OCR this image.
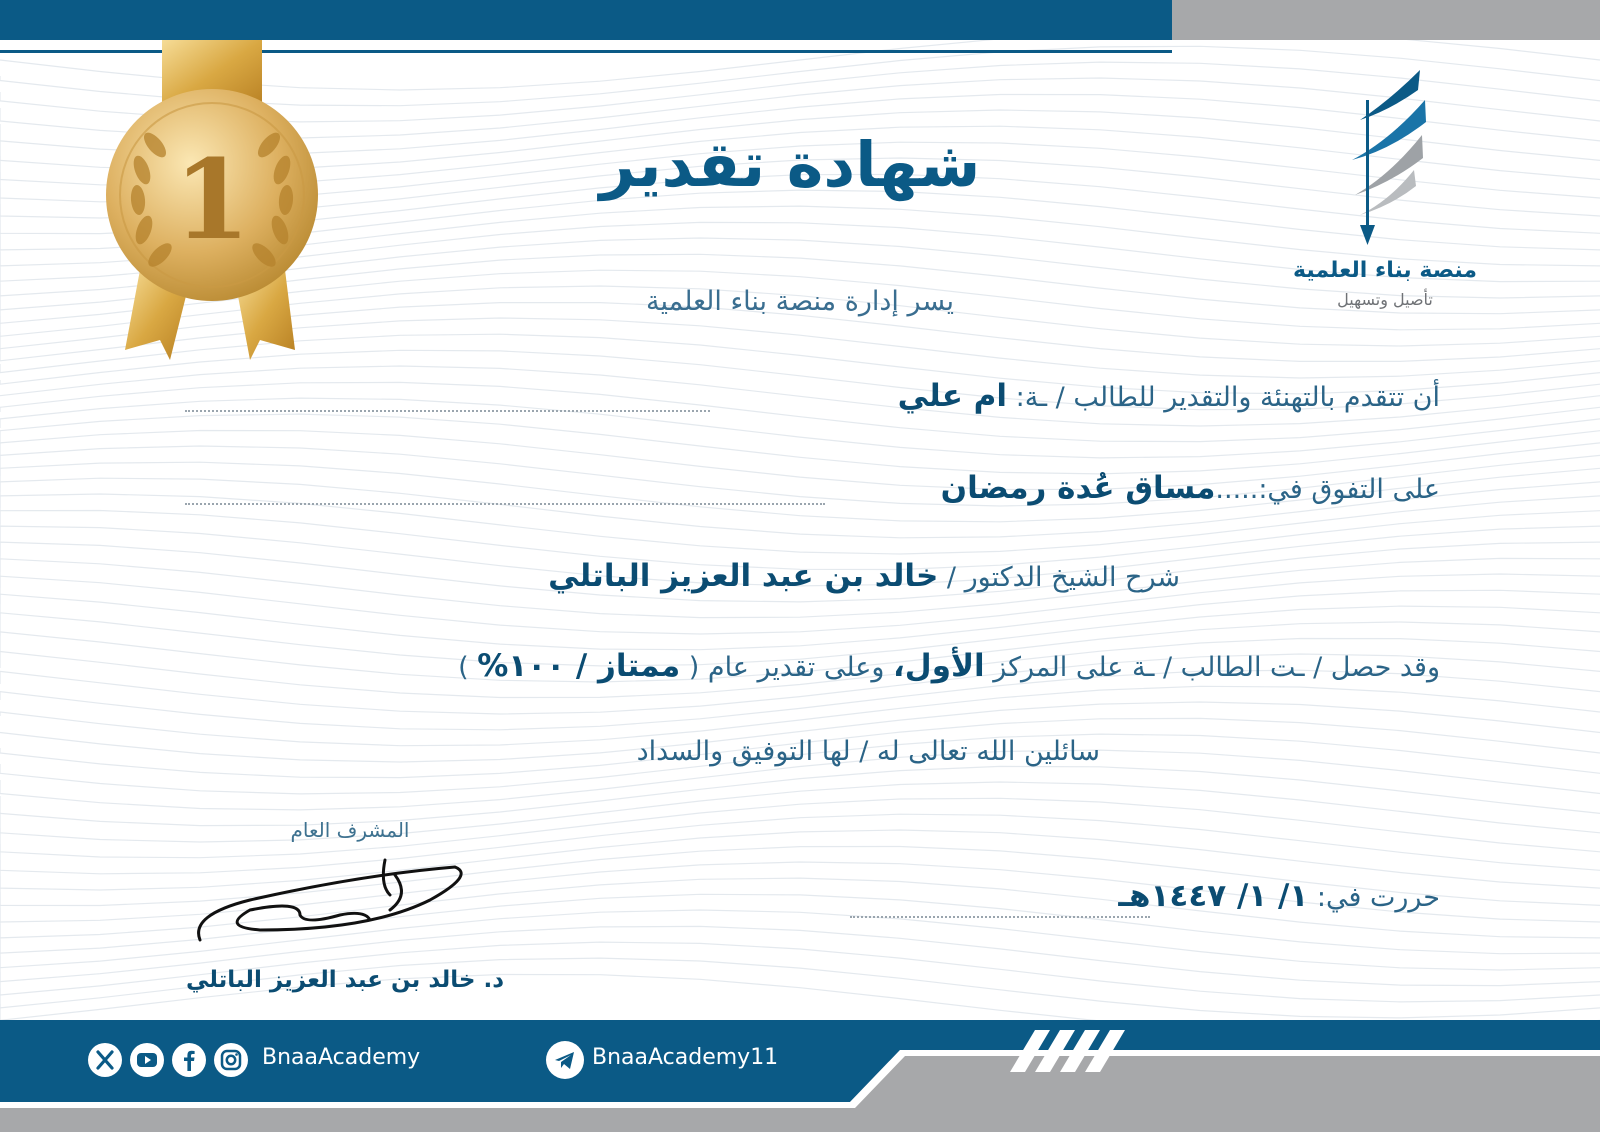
1
منصة بناء العلمية
تأصيل وتسهيل
شهادة تقدير
يسر إدارة منصة بناء العلمية
أن تتقدم بالتهنئة والتقدير للطالب / ـة: ام علي
على التفوق في:.....مساق عُدة رمضان
شرح الشيخ الدكتور / خالد بن عبد العزيز الباتلي
وقد حصل / ـت الطالب / ـة على المركز الأول، وعلى تقدير عام ( ممتاز / ١٠٠% )
سائلين الله تعالى له / لها التوفيق والسداد
حررت في: ١/ ١/ ١٤٤٧هـ
المشرف العام
د. خالد بن عبد العزيز الباتلي
BnaaAcademy	BnaaAcademy11
